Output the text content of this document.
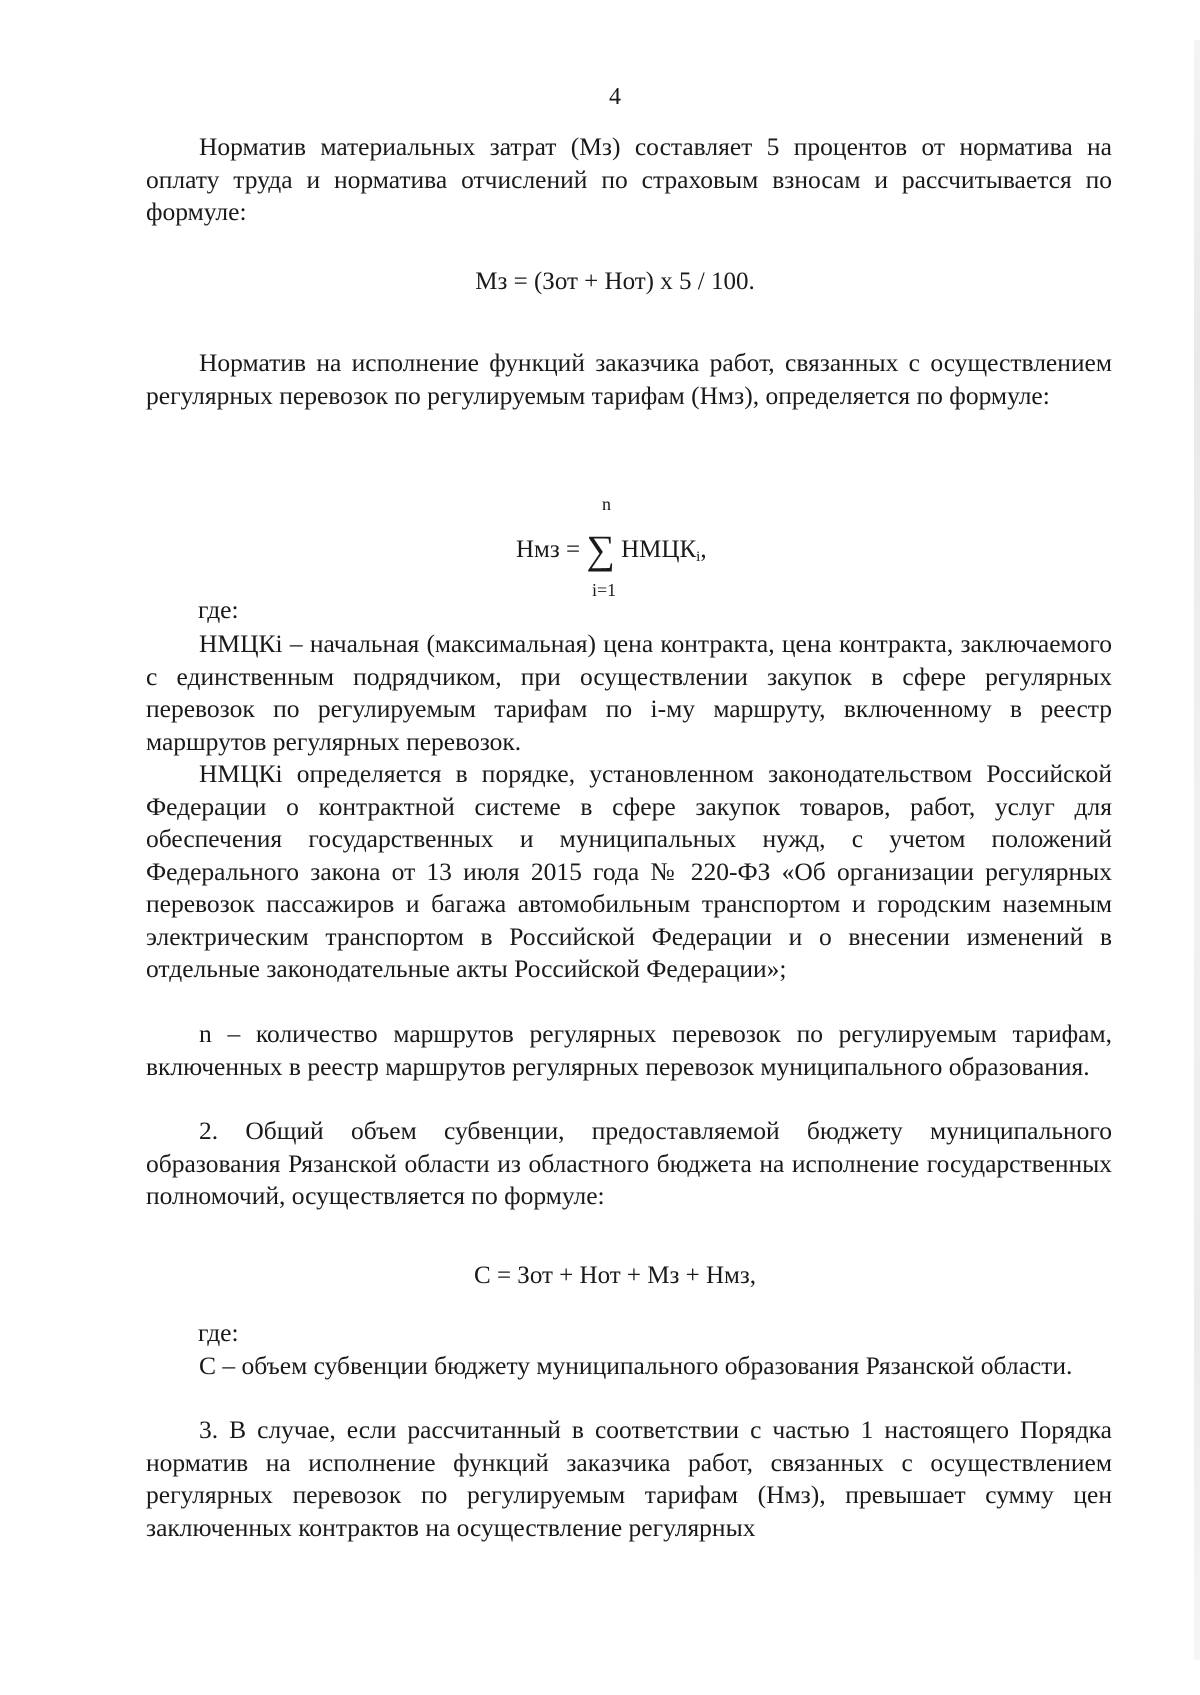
4

Норматив материальных затрат (Мз) составляет 5 процентов от норматива на оплату труда и норматива отчислений по страховым взносам и рассчитывается по формуле:

Мз = (Зот + Нот) х 5 / 100.

Норматив на исполнение функций заказчика работ, связанных с осуществлением регулярных перевозок по регулируемым тарифам (Нмз), определяется по формуле:

n
Нмз = ∑ $НМЦК_i$,
i=1
где:

НМЦКi – начальная (максимальная) цена контракта, цена контракта, заключаемого с единственным подрядчиком, при осуществлении закупок в сфере регулярных перевозок по регулируемым тарифам по i-му маршруту, включенному в реестр маршрутов регулярных перевозок.

НМЦКi определяется в порядке, установленном законодательством Российской Федерации о контрактной системе в сфере закупок товаров, работ, услуг для обеспечения государственных и муниципальных нужд, с учетом положений Федерального закона от 13 июля 2015 года № 220-ФЗ «Об организации регулярных перевозок пассажиров и багажа автомобильным транспортом и городским наземным электрическим транспортом в Российской Федерации и о внесении изменений в отдельные законодательные акты Российской Федерации»;

n – количество маршрутов регулярных перевозок по регулируемым тарифам, включенных в реестр маршрутов регулярных перевозок муниципального образования.

2. Общий объем субвенции, предоставляемой бюджету муниципального образования Рязанской области из областного бюджета на исполнение государственных полномочий, осуществляется по формуле:

С = Зот + Нот + Мз + Нмз,
где:

С – объем субвенции бюджету муниципального образования Рязанской области.

3. В случае, если рассчитанный в соответствии с частью 1 настоящего Порядка норматив на исполнение функций заказчика работ, связанных с осуществлением регулярных перевозок по регулируемым тарифам (Нмз), превышает сумму цен заключенных контрактов на осуществление регулярных
